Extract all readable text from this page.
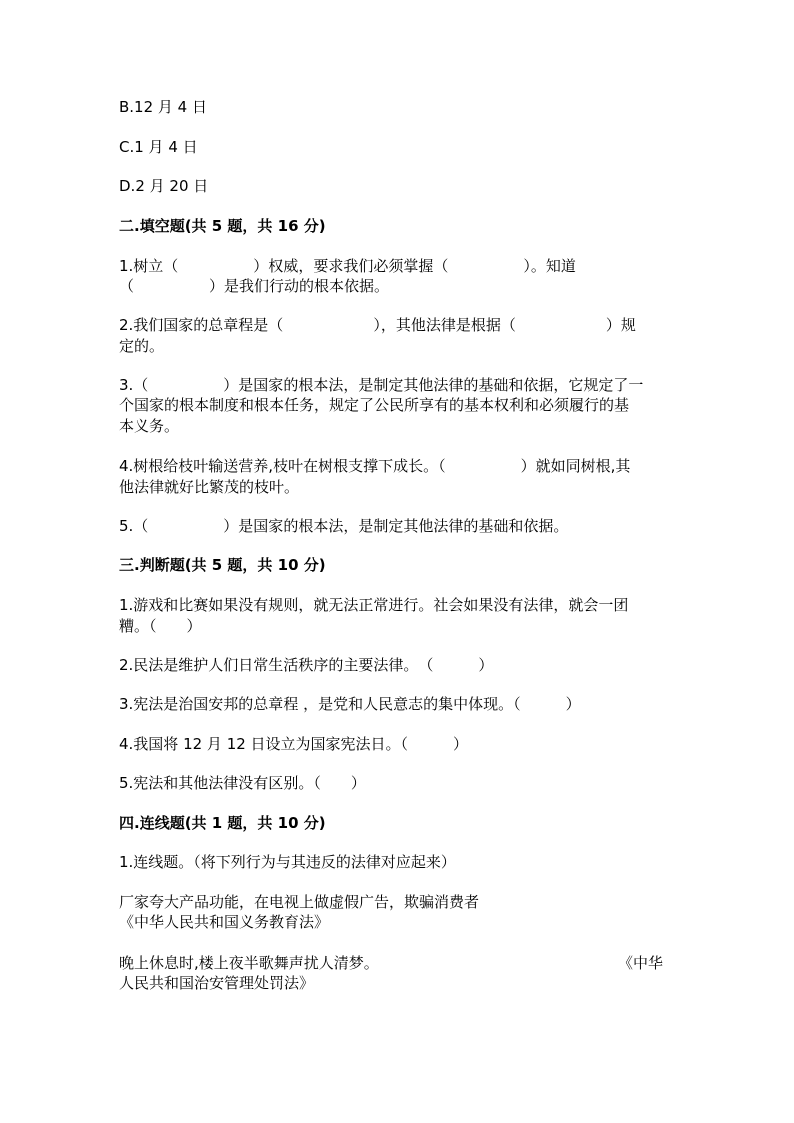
B.12 月 4 日
C.1 月 4 日
D.2 月 20 日
二.填空题(共 5 题，共 16 分)
1.树立（　　　　　）权威，要求我们必须掌握（　　　　　）。知道
（　　　　　）是我们行动的根本依据。
2.我们国家的总章程是（　　　　　　），其他法律是根据（　　　　　　）规
定的。
3.（　　　　　）是国家的根本法，是制定其他法律的基础和依据，它规定了一
个国家的根本制度和根本任务，规定了公民所享有的基本权利和必须履行的基
本义务。
4.树根给枝叶输送营养,枝叶在树根支撑下成长。（　　　　　）就如同树根,其
他法律就好比繁茂的枝叶。
5.（　　　　　）是国家的根本法，是制定其他法律的基础和依据。
三.判断题(共 5 题，共 10 分)
1.游戏和比赛如果没有规则，就无法正常进行。社会如果没有法律，就会一团
糟。（　　）
2.民法是维护人们日常生活秩序的主要法律。　（　　　）
3.宪法是治国安邦的总章程 ，是党和人民意志的集中体现。（　　　）
4.我国将 12 月 12 日设立为国家宪法日。（　　　）
5.宪法和其他法律没有区别。（　　）
四.连线题(共 1 题，共 10 分)
1.连线题。（将下列行为与其违反的法律对应起来）
厂家夸大产品功能，在电视上做虚假广告，欺骗消费者
《中华人民共和国义务教育法》
晚上休息时,楼上夜半歌舞声扰人清梦。	《中华
人民共和国治安管理处罚法》
